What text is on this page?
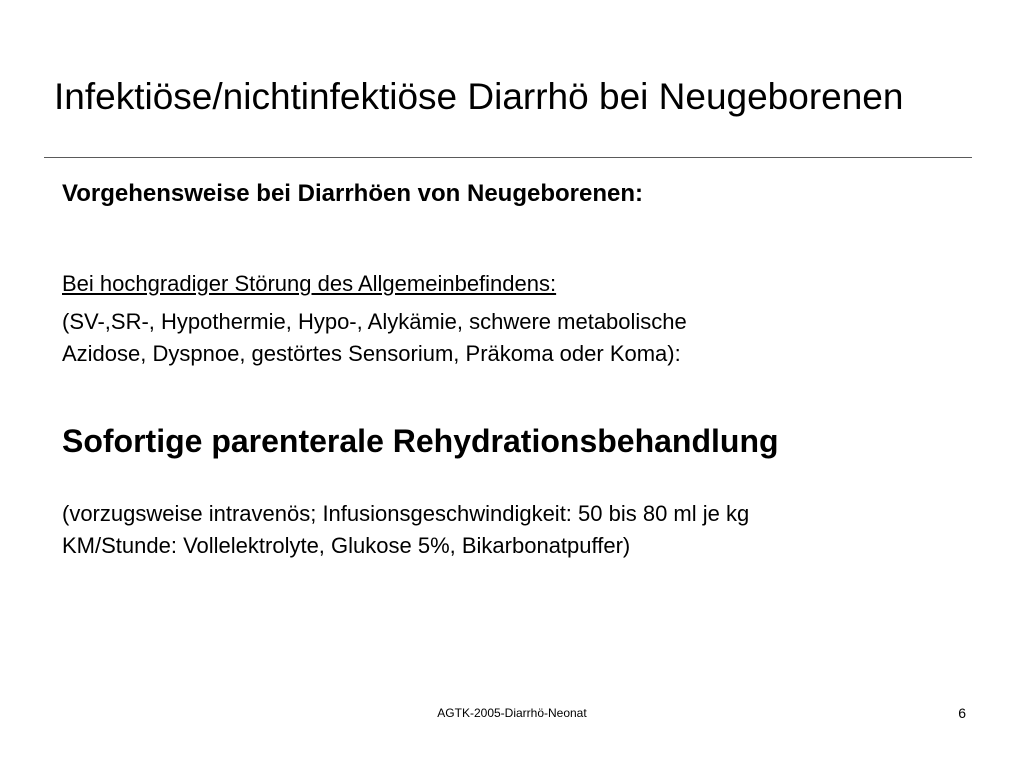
Infektiöse/nichtinfektiöse Diarrhö bei Neugeborenen
Vorgehensweise bei Diarrhöen von Neugeborenen:
Bei hochgradiger Störung des Allgemeinbefindens:
(SV-,SR-, Hypothermie, Hypo-, Alykämie, schwere metabolische
Azidose, Dyspnoe, gestörtes Sensorium, Präkoma oder Koma):
Sofortige parenterale Rehydrationsbehandlung
(vorzugsweise intravenös; Infusionsgeschwindigkeit: 50 bis 80 ml je kg
KM/Stunde: Vollelektrolyte, Glukose 5%, Bikarbonatpuffer)
AGTK-2005-Diarrhö-Neonat	6
